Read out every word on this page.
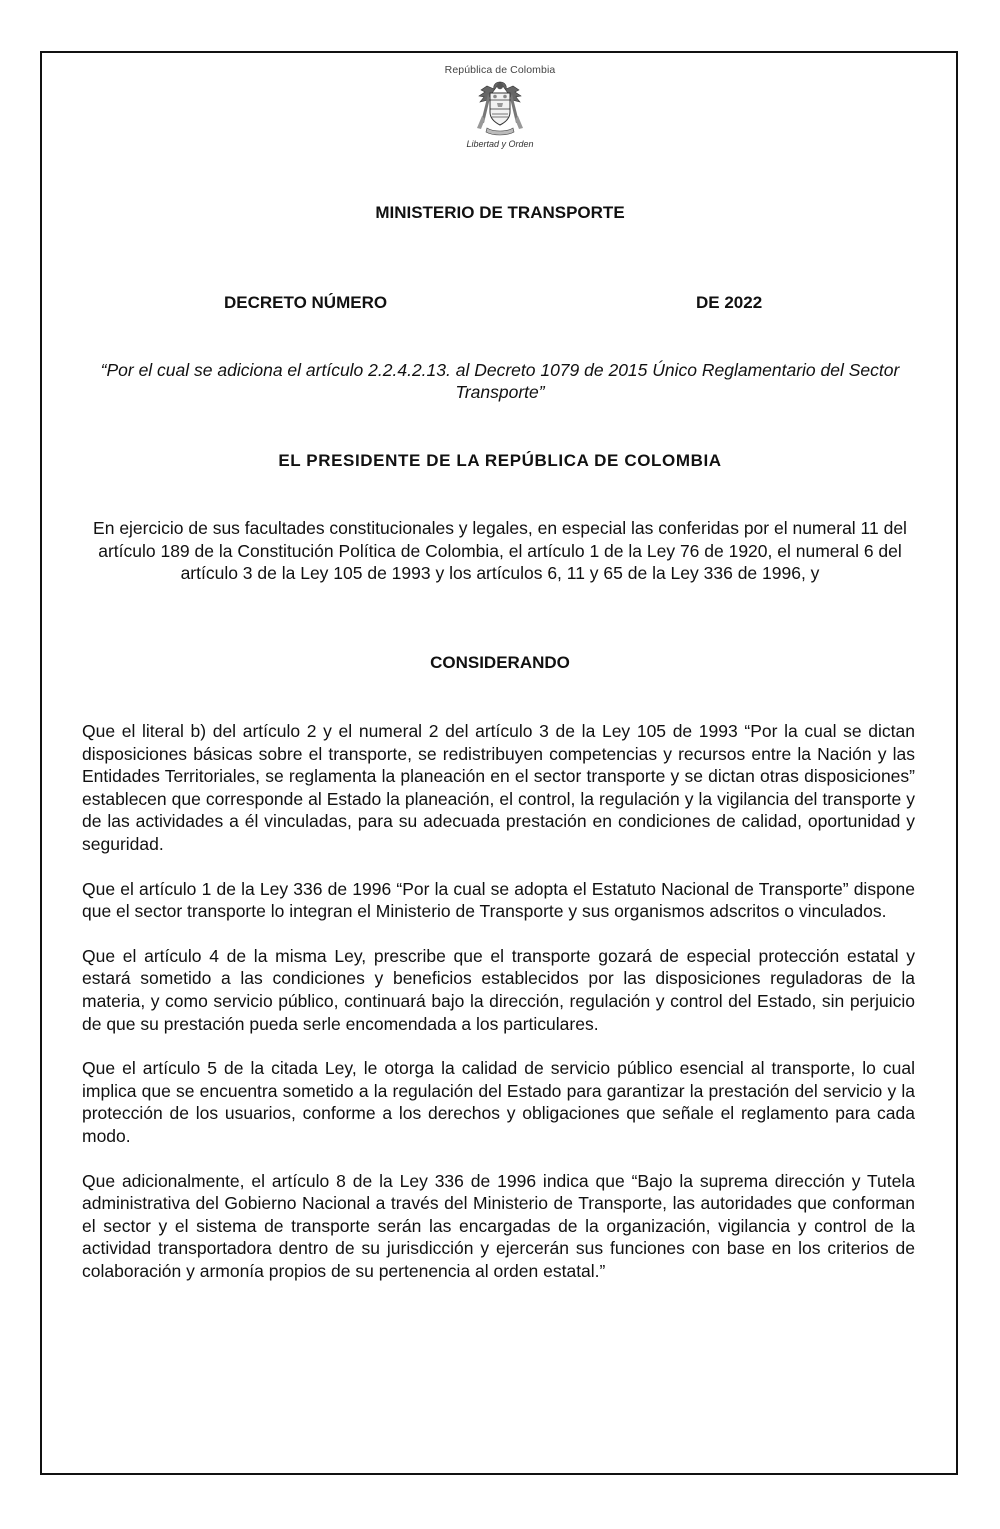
República de Colombia
Libertad y Orden
MINISTERIO DE TRANSPORTE
DECRETO NÚMERO	DE 2022
“Por el cual se adiciona el artículo 2.2.4.2.13. al Decreto 1079 de 2015 Único Reglamentario del Sector Transporte”
EL PRESIDENTE DE LA REPÚBLICA DE COLOMBIA
En ejercicio de sus facultades constitucionales y legales, en especial las conferidas por el numeral 11 del artículo 189 de la Constitución Política de Colombia, el artículo 1 de la Ley 76 de 1920, el numeral 6 del artículo 3 de la Ley 105 de 1993 y los artículos 6, 11 y 65 de la Ley 336 de 1996, y
CONSIDERANDO

Que el literal b) del artículo 2 y el numeral 2 del artículo 3 de la Ley 105 de 1993 “Por la cual se dictan disposiciones básicas sobre el transporte, se redistribuyen competencias y recursos entre la Nación y las Entidades Territoriales, se reglamenta la planeación en el sector transporte y se dictan otras disposiciones” establecen que corresponde al Estado la planeación, el control, la regulación y la vigilancia del transporte y de las actividades a él vinculadas, para su adecuada prestación en condiciones de calidad, oportunidad y seguridad.

Que el artículo 1 de la Ley 336 de 1996 “Por la cual se adopta el Estatuto Nacional de Transporte” dispone que el sector transporte lo integran el Ministerio de Transporte y sus organismos adscritos o vinculados.

Que el artículo 4 de la misma Ley, prescribe que el transporte gozará de especial protección estatal y estará sometido a las condiciones y beneficios establecidos por las disposiciones reguladoras de la materia, y como servicio público, continuará bajo la dirección, regulación y control del Estado, sin perjuicio de que su prestación pueda serle encomendada a los particulares.

Que el artículo 5 de la citada Ley, le otorga la calidad de servicio público esencial al transporte, lo cual implica que se encuentra sometido a la regulación del Estado para garantizar la prestación del servicio y la protección de los usuarios, conforme a los derechos y obligaciones que señale el reglamento para cada modo.

Que adicionalmente, el artículo 8 de la Ley 336 de 1996 indica que “Bajo la suprema dirección y Tutela administrativa del Gobierno Nacional a través del Ministerio de Transporte, las autoridades que conforman el sector y el sistema de transporte serán las encargadas de la organización, vigilancia y control de la actividad transportadora dentro de su jurisdicción y ejercerán sus funciones con base en los criterios de colaboración y armonía propios de su pertenencia al orden estatal.”
